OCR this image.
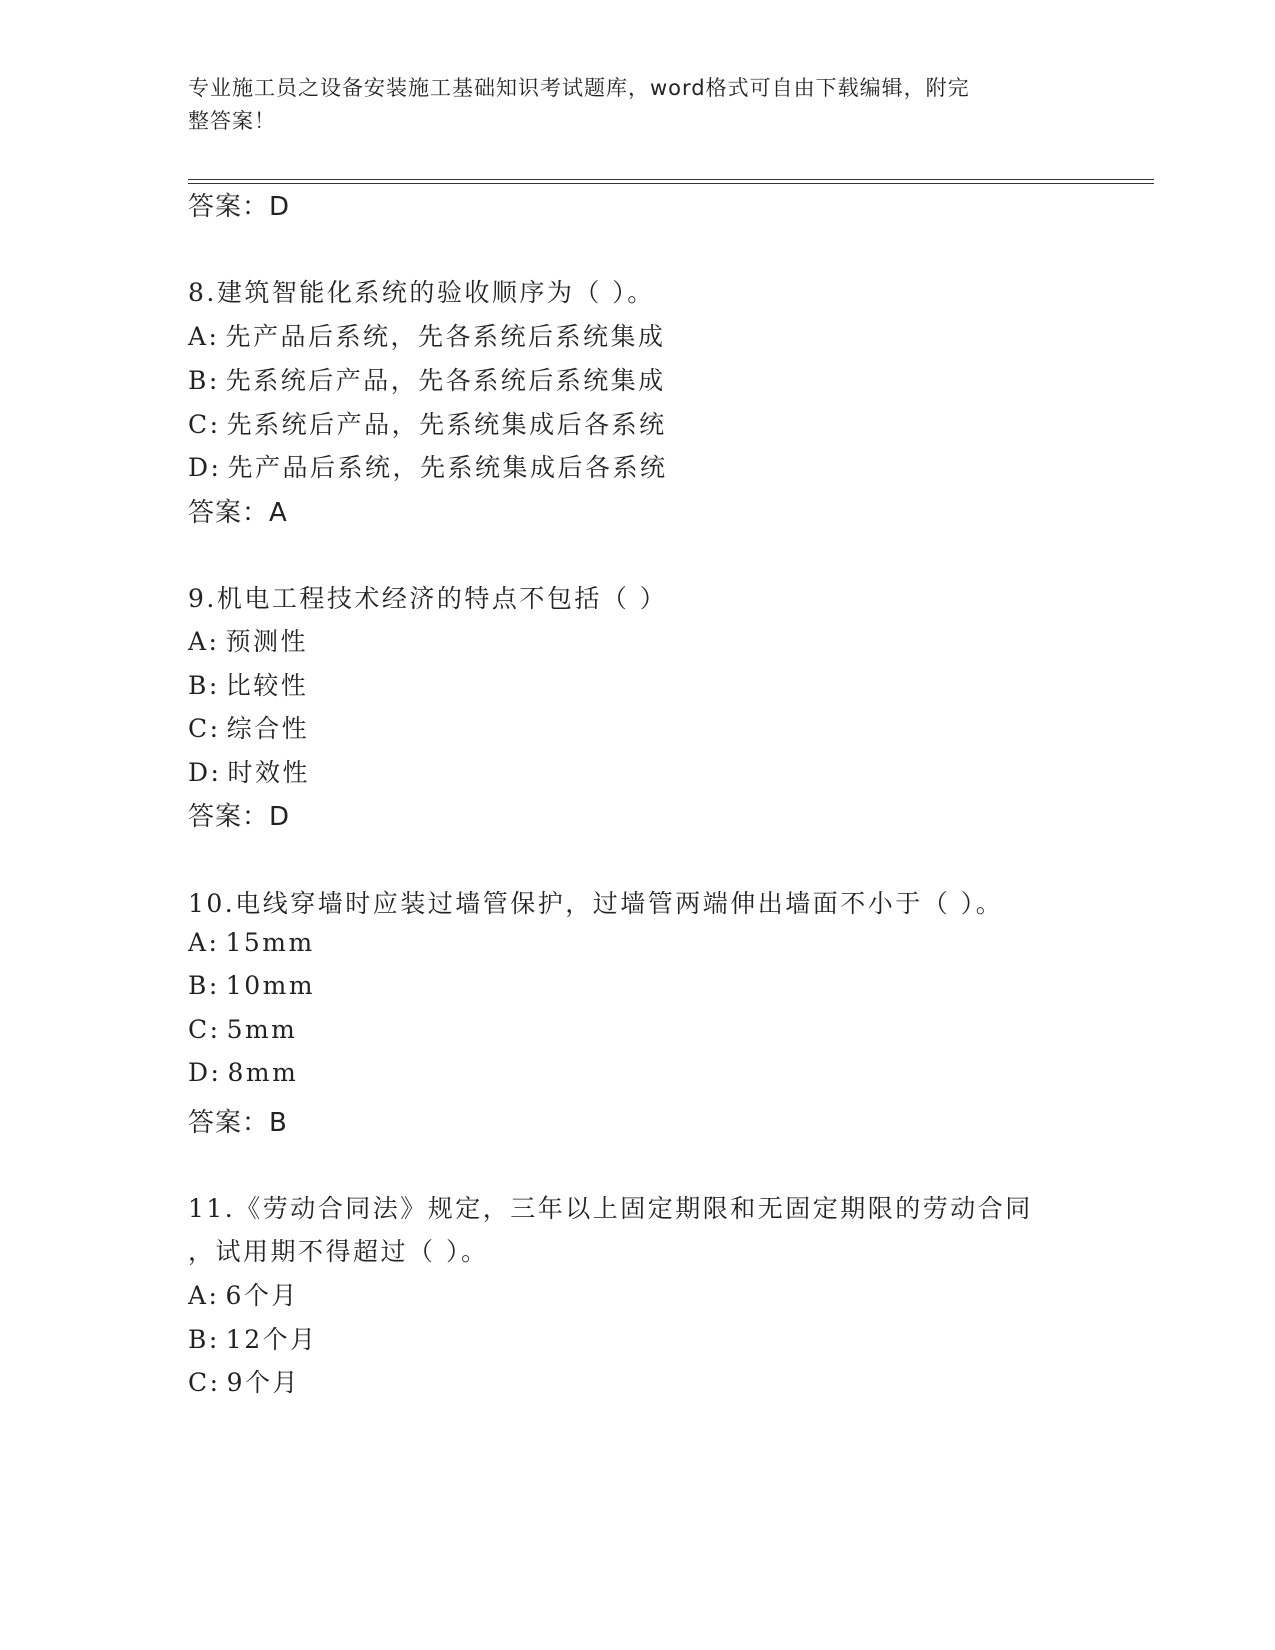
专业施工员之设备安装施工基础知识考试题库，word格式可自由下载编辑，附完
整答案！
答案：D
8.建筑智能化系统的验收顺序为（ ）。
A: 先产品后系统，先各系统后系统集成
B: 先系统后产品，先各系统后系统集成
C: 先系统后产品，先系统集成后各系统
D: 先产品后系统，先系统集成后各系统
答案：A
9.机电工程技术经济的特点不包括（ ）
A: 预测性
B: 比较性
C: 综合性
D: 时效性
答案：D
10.电线穿墙时应装过墙管保护，过墙管两端伸出墙面不小于（ ）。
A: 15mm
B: 10mm
C: 5mm
D: 8mm
答案：B
11.《劳动合同法》规定，三年以上固定期限和无固定期限的劳动合同
，试用期不得超过（ ）。
A: 6个月
B: 12个月
C: 9个月
